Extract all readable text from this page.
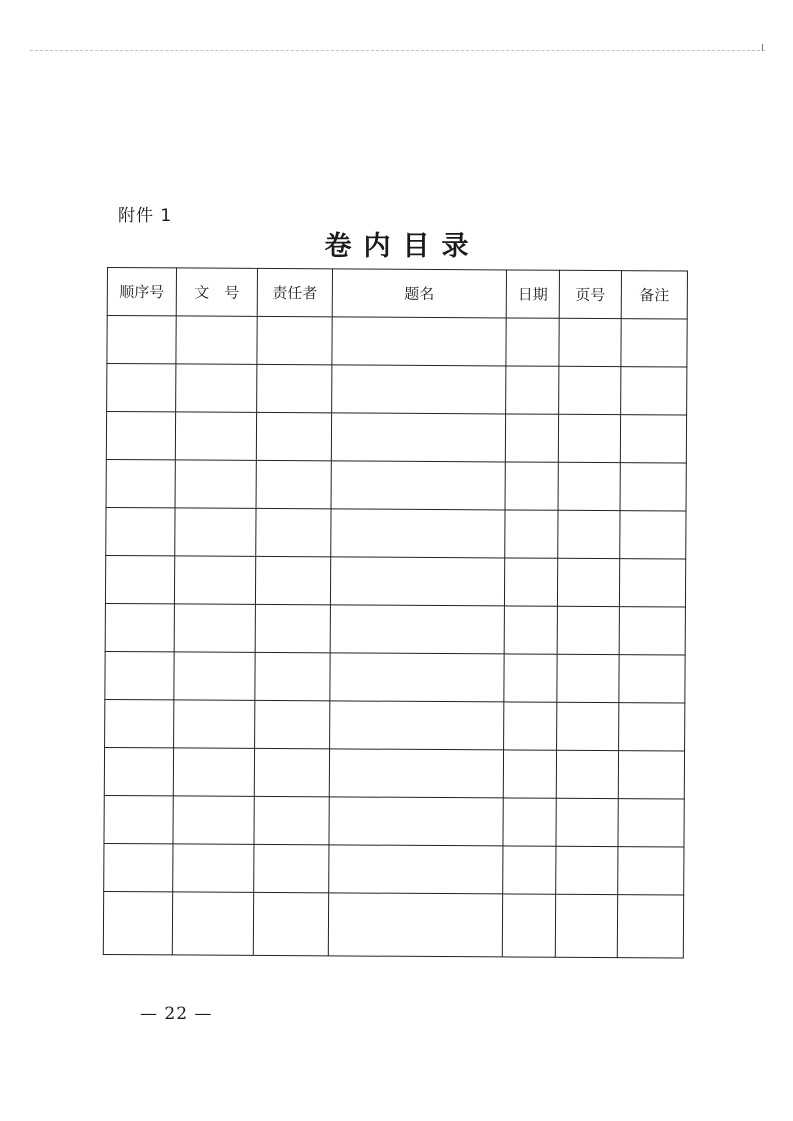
附件 1
卷内目录
顺序号	文　号	责任者	题名	日期	页号	备注

— 22 —
